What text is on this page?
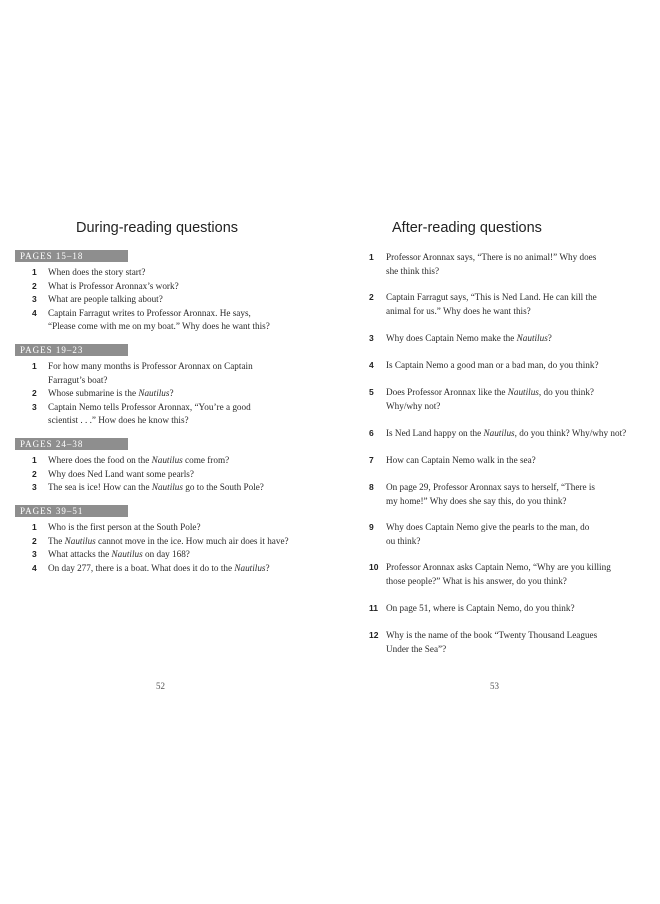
During-reading questions
PAGES 15–18

1 When does the story start?

2 What is Professor Aronnax’s work?

3 What are people talking about?

4 Captain Farragut writes to Professor Aronnax. He says,
“Please come with me on my boat.” Why does he want this?

PAGES 19–23

1 For how many months is Professor Aronnax on Captain
Farragut’s boat?

2 Whose submarine is the Nautilus?

3 Captain Nemo tells Professor Aronnax, “You’re a good
scientist . . .” How does he know this?

PAGES 24–38

1 Where does the food on the Nautilus come from?

2 Why does Ned Land want some pearls?

3 The sea is ice! How can the Nautilus go to the South Pole?

PAGES 39–51

1 Who is the first person at the South Pole?

2 The Nautilus cannot move in the ice. How much air does it have?

3 What attacks the Nautilus on day 168?

4 On day 277, there is a boat. What does it do to the Nautilus?

52
After-reading questions

1 Professor Aronnax says, “There is no animal!” Why does
she think this?

2 Captain Farragut says, “This is Ned Land. He can kill the
animal for us.” Why does he want this?

3 Why does Captain Nemo make the Nautilus?

4 Is Captain Nemo a good man or a bad man, do you think?

5 Does Professor Aronnax like the Nautilus, do you think?
Why/why not?

6 Is Ned Land happy on the Nautilus, do you think? Why/why not?

7 How can Captain Nemo walk in the sea?

8 On page 29, Professor Aronnax says to herself, “There is
my home!” Why does she say this, do you think?

9 Why does Captain Nemo give the pearls to the man, do
ou think?

10 Professor Aronnax asks Captain Nemo, “Why are you killing
those people?” What is his answer, do you think?

11 On page 51, where is Captain Nemo, do you think?

12 Why is the name of the book “Twenty Thousand Leagues
Under the Sea”?

53
